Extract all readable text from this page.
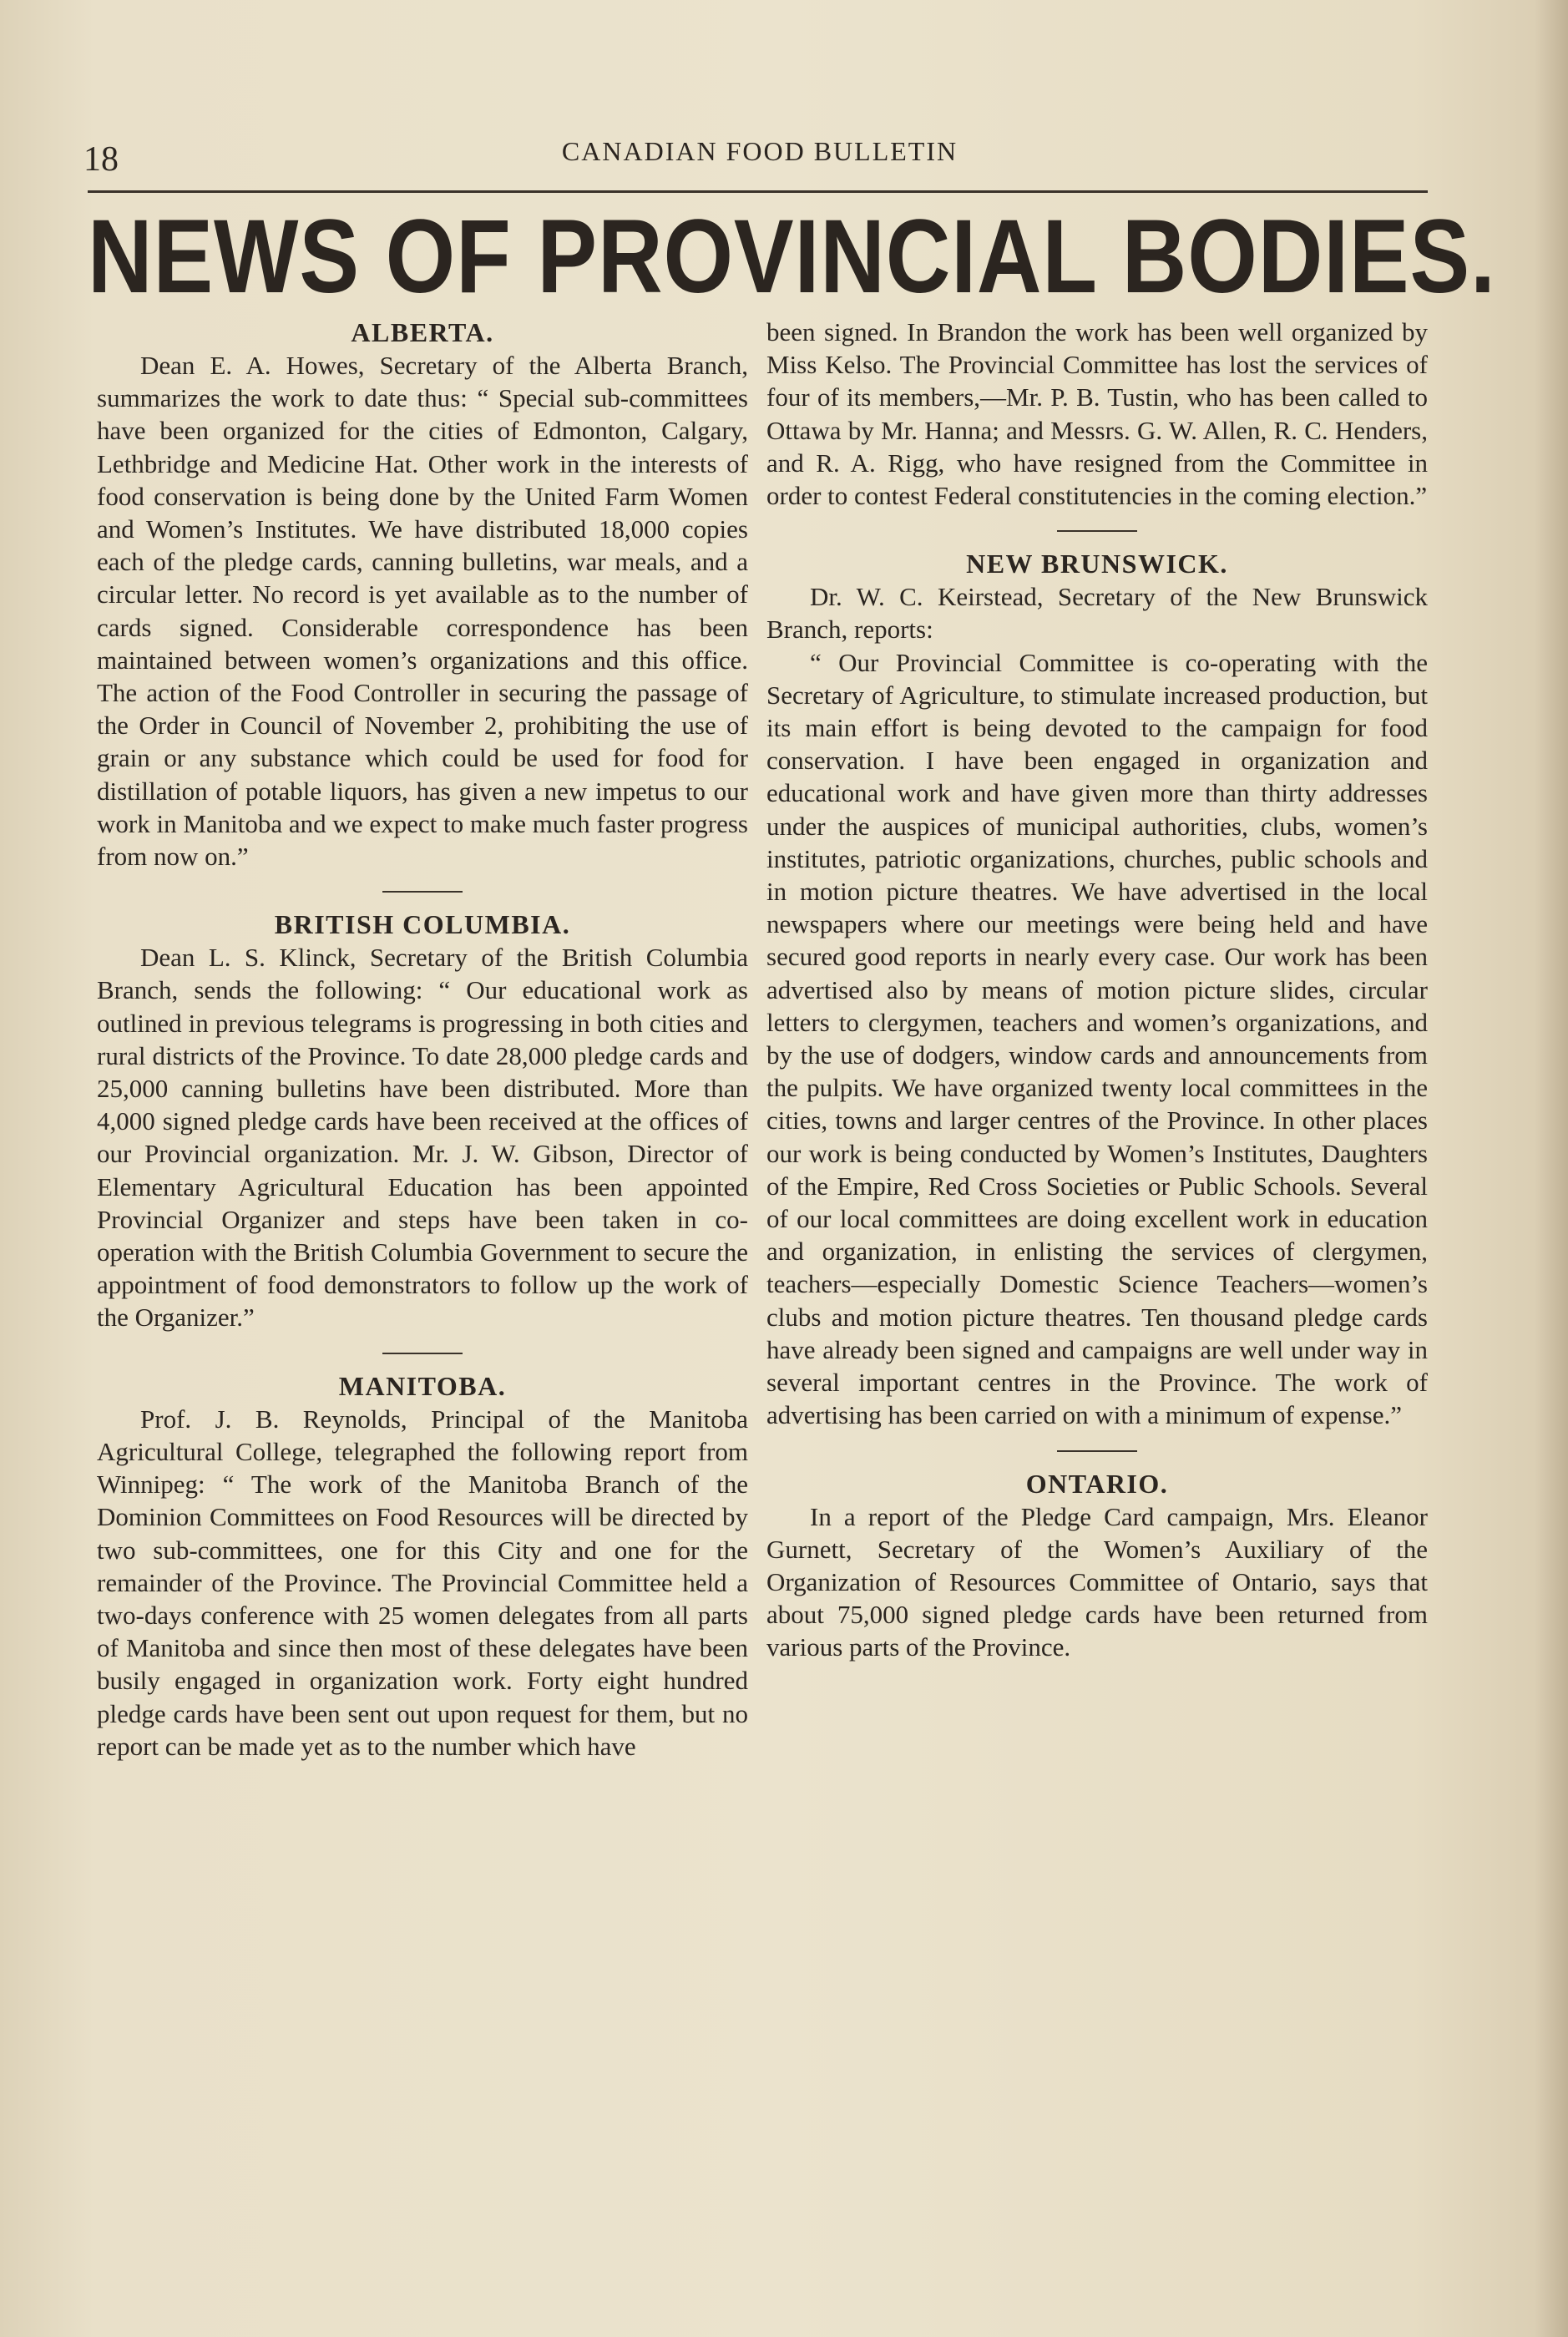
18	CANADIAN FOOD BULLETIN
NEWS OF PROVINCIAL BODIES.
ALBERTA.

Dean E. A. Howes, Secretary of the Alberta Branch, summarizes the work to date thus: “ Special sub-committees have been organized for the cities of Edmonton, Calgary, Lethbridge and Medicine Hat. Other work in the interests of food conservation is being done by the United Farm Women and Women’s Institutes. We have distributed 18,000 copies each of the pledge cards, canning bulletins, war meals, and a circular letter. No record is yet available as to the number of cards signed. Considerable correspondence has been maintained between women’s organizations and this office. The action of the Food Controller in securing the passage of the Order in Council of November 2, prohibiting the use of grain or any substance which could be used for food for distillation of potable liquors, has given a new impetus to our work in Manitoba and we expect to make much faster progress from now on.”

BRITISH COLUMBIA.

Dean L. S. Klinck, Secretary of the British Columbia Branch, sends the following: “ Our educational work as outlined in previous telegrams is progressing in both cities and rural districts of the Province. To date 28,000 pledge cards and 25,000 canning bulletins have been distributed. More than 4,000 signed pledge cards have been received at the offices of our Provincial organization. Mr. J. W. Gibson, Director of Elementary Agricultural Education has been appointed Provincial Organizer and steps have been taken in co-operation with the British Columbia Government to secure the appointment of food demonstrators to follow up the work of the Organizer.”

MANITOBA.

Prof. J. B. Reynolds, Principal of the Manitoba Agricultural College, telegraphed the following report from Winnipeg: “ The work of the Manitoba Branch of the Dominion Committees on Food Resources will be directed by two sub-committees, one for this City and one for the remainder of the Province. The Provincial Committee held a two-days conference with 25 women delegates from all parts of Manitoba and since then most of these delegates have been busily engaged in organization work. Forty eight hundred pledge cards have been sent out upon request for them, but no report can be made yet as to the number which have

been signed. In Brandon the work has been well organized by Miss Kelso. The Provincial Committee has lost the services of four of its members,—Mr. P. B. Tustin, who has been called to Ottawa by Mr. Hanna; and Messrs. G. W. Allen, R. C. Henders, and R. A. Rigg, who have resigned from the Committee in order to contest Federal constitutencies in the coming election.”

NEW BRUNSWICK.

Dr. W. C. Keirstead, Secretary of the New Brunswick Branch, reports:

“ Our Provincial Committee is co-operating with the Secretary of Agriculture, to stimulate increased production, but its main effort is being devoted to the campaign for food conservation. I have been engaged in organization and educational work and have given more than thirty addresses under the auspices of municipal authorities, clubs, women’s institutes, patriotic organizations, churches, public schools and in motion picture theatres. We have advertised in the local newspapers where our meetings were being held and have secured good reports in nearly every case. Our work has been advertised also by means of motion picture slides, circular letters to clergymen, teachers and women’s organizations, and by the use of dodgers, window cards and announcements from the pulpits. We have organized twenty local committees in the cities, towns and larger centres of the Province. In other places our work is being conducted by Women’s Institutes, Daughters of the Empire, Red Cross Societies or Public Schools. Several of our local committees are doing excellent work in education and organization, in enlisting the services of clergymen, teachers—especially Domestic Science Teachers—women’s clubs and motion picture theatres. Ten thousand pledge cards have already been signed and campaigns are well under way in several important centres in the Province. The work of advertising has been carried on with a minimum of expense.”

ONTARIO.

In a report of the Pledge Card campaign, Mrs. Eleanor Gurnett, Secretary of the Women’s Auxiliary of the Organization of Resources Committee of Ontario, says that about 75,000 signed pledge cards have been returned from various parts of the Province.
